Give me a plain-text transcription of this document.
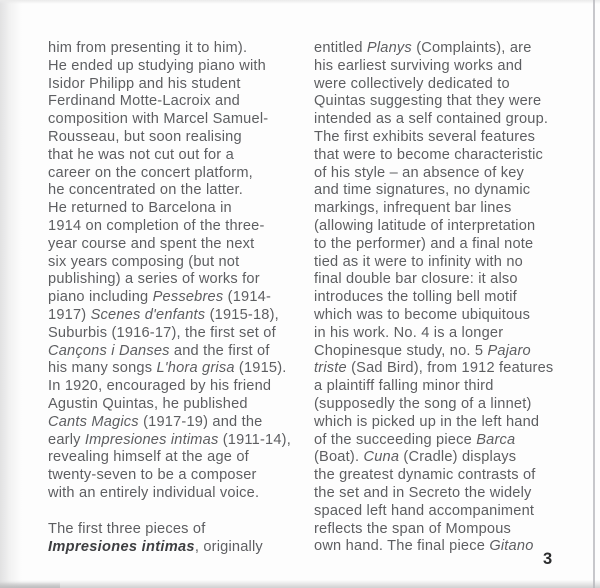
him from presenting it to him).
He ended up studying piano with
Isidor Philipp and his student
Ferdinand Motte-Lacroix and
composition with Marcel Samuel-
Rousseau, but soon realising
that he was not cut out for a
career on the concert platform,
he concentrated on the latter.
He returned to Barcelona in
1914 on completion of the three-
year course and spent the next
six years composing (but not
publishing) a series of works for
piano including Pessebres (1914-
1917) Scenes d'enfants (1915-18),
Suburbis (1916-17), the first set of
Cançons i Danses and the first of
his many songs L'hora grisa (1915).
In 1920, encouraged by his friend
Agustin Quintas, he published
Cants Magics (1917-19) and the
early Impresiones intimas (1911-14),
revealing himself at the age of
twenty-seven to be a composer
with an entirely individual voice.
The first three pieces of
Impresiones intimas, originally
entitled Planys (Complaints), are
his earliest surviving works and
were collectively dedicated to
Quintas suggesting that they were
intended as a self contained group.
The first exhibits several features
that were to become characteristic
of his style – an absence of key
and time signatures, no dynamic
markings, infrequent bar lines
(allowing latitude of interpretation
to the performer) and a final note
tied as it were to infinity with no
final double bar closure: it also
introduces the tolling bell motif
which was to become ubiquitous
in his work. No. 4 is a longer
Chopinesque study, no. 5 Pajaro
triste (Sad Bird), from 1912 features
a plaintiff falling minor third
(supposedly the song of a linnet)
which is picked up in the left hand
of the succeeding piece Barca
(Boat). Cuna (Cradle) displays
the greatest dynamic contrasts of
the set and in Secreto the widely
spaced left hand accompaniment
reflects the span of Mompous
own hand. The final piece Gitano
3
